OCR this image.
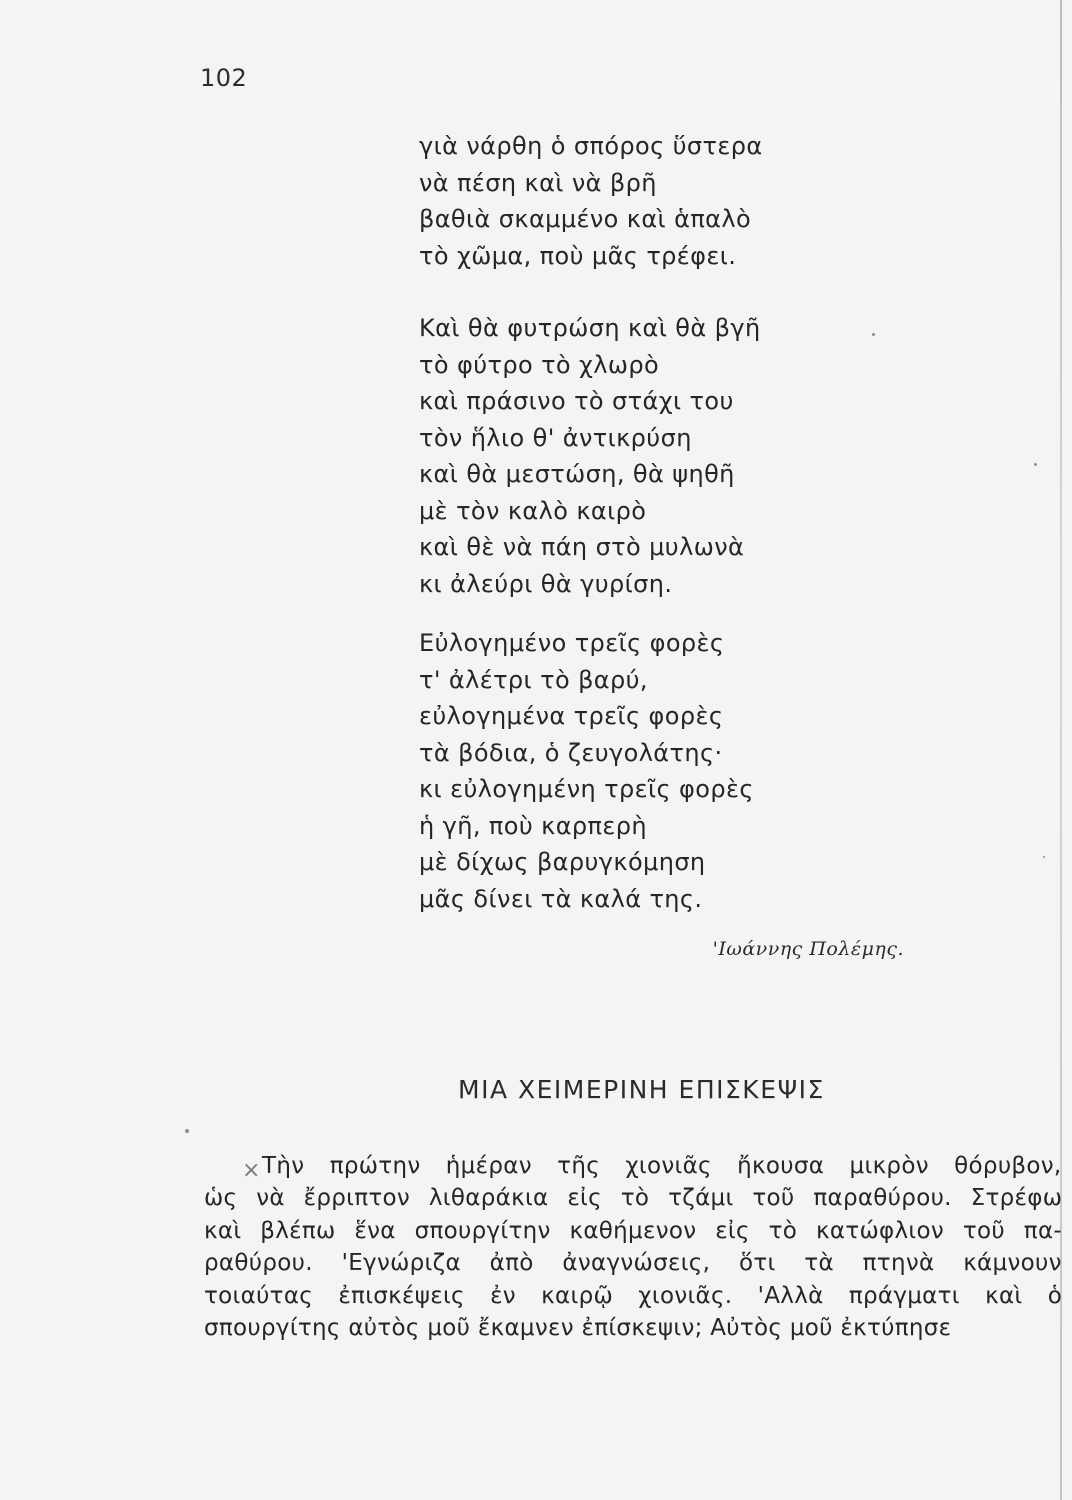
102
γιὰ νάρθη ὁ σπόρος ὕστερα
νὰ πέση καὶ νὰ βρῆ
βαθιὰ σκαμμένο καὶ ἁπαλὸ
τὸ χῶμα, ποὺ μᾶς τρέφει.
Καὶ θὰ φυτρώση καὶ θὰ βγῆ
τὸ φύτρο τὸ χλωρὸ
καὶ πράσινο τὸ στάχι του
τὸν ἥλιο θ' ἀντικρύση
καὶ θὰ μεστώση, θὰ ψηθῆ
μὲ τὸν καλὸ καιρὸ
καὶ θὲ νὰ πάη στὸ μυλωνὰ
κι ἀλεύρι θὰ γυρίση.
Εὐλογημένο τρεῖς φορὲς
τ' ἀλέτρι τὸ βαρύ,
εὐλογημένα τρεῖς φορὲς
τὰ βόδια, ὁ ζευγολάτης·
κι εὐλογημένη τρεῖς φορὲς
ἡ γῆ, ποὺ καρπερὴ
μὲ δίχως βαρυγκόμηση
μᾶς δίνει τὰ καλά της.
'Ιωάννης Πολέμης.
ΜΙΑ ΧΕΙΜΕΡΙΝΗ ΕΠΙΣΚΕΨΙΣ
× Τὴν πρώτην ἡμέραν τῆς χιονιᾶς ἤκουσα μικρὸν θόρυβον,
ὡς νὰ ἔρριπτον λιθαράκια εἰς τὸ τζάμι τοῦ παραθύρου. Στρέφω
καὶ βλέπω ἕνα σπουργίτην καθήμενον εἰς τὸ κατώφλιον τοῦ πα-
ραθύρου. 'Εγνώριζα ἀπὸ ἀναγνώσεις, ὅτι τὰ πτηνὰ κάμνουν
τοιαύτας ἐπισκέψεις ἐν καιρῷ χιονιᾶς. 'Αλλὰ πράγματι καὶ ὁ
σπουργίτης αὐτὸς μοῦ ἔκαμνεν ἐπίσκεψιν; Αὐτὸς μοῦ ἐκτύπησε
